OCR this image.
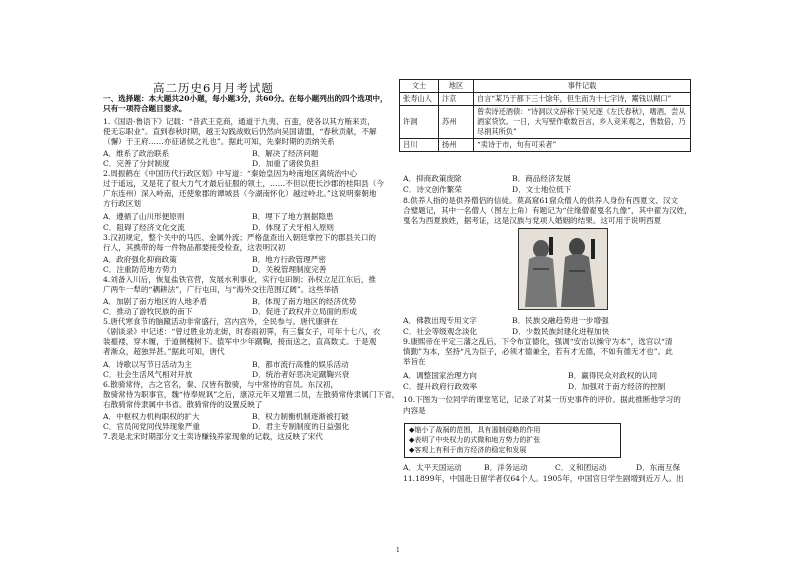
高二历史6月月考试题
一、选择题：本大题共20小题，每小题3分，共60分。在每小题列出的四个选项中，只有一项符合题目要求。
1.《国语·鲁语下》记载：“昔武王克商，通道于九夷、百蛮，使各以其方贿来贡，
使无忘职业”。直到春秋时期，越王勾践战败后仍然向吴国请盟，“春秋贡献，不解
（懈）于王府……亦征诸侯之礼也”。据此可知，先秦时期的贡纳关系
A．维系了政治联系	B．解决了经济问题
C．完善了分封制度	D．加重了诸侯负担
2.周振鹤在《中国历代行政区划》中写道：“秦始皇因为岭南地区离统治中心
过于遥远，又是花了很大力气才最后征服的领土，……不但以使长沙郡的桂阳县（今
广东连州）深入岭南，还使象郡的谭城县（今湖南怀化）越过岭北。”这说明秦朝地
方行政区划
A．遵循了山川形便原则	B．埋下了地方割据隐患
C．阻碍了经济文化交流	D．体现了犬牙相入原则
3.汉初规定，整个关中的马匹、金属外流；严格盘查出入朝廷掌控下的郡县关口的
行人，其携带的每一件物品都要接受检查，这表明汉初
A．政府强化抑商政策	B．地方行政管理严密
C．注重防范地方势力	D．关税管理制度完善
4.刘备入川后，恢复盐铁官营，发展水利事业，实行屯田制；孙权立足江东后，推
广两牛一犁的“耦耕法”，广行屯田，与“海外交往范围辽阔”。这些举措
A．加剧了南方地区的人地矛盾	B．体现了南方地区的经济优势
C．推动了游牧民族的南下	D．促进了政权并立局面的形成
5.唐代寒食节的脑蹴活动非常盛行，宫内宫外，全民参与。唐代康骈在
《剧谈录》中记述：“曾过胜业坊北街，时春雨初霁，有三鬟女子，可年十七八，衣
装褴褛，穿木履，于道侧槐树下。值军中少年蹴鞠，接而送之，直高数丈。于是观
者渐众，超独异甚。”据此可知，唐代
A．诗歌以写节日活动为主	B．都市流行高雅的娱乐活动
C．社会生活风气相对开放	D．统治者好恶决定蹴鞠兴衰
6.散骑常侍，古之官名，秦、汉皆有散骑，与中常侍的官员。东汉初，
散骑常侍为职事官，魏“侍奉规讽”之后，康凉元年又增置二员，左散骑常侍隶属门下省，
右散骑常侍隶属中书省。散骑常侍的设置反映了
A．中枢权力机构职权的扩大	B．权力制衡机制逐渐被打破
C．官员间党同伐异现象严重	D．君主专制制度的日益强化
7.表是北宋时期部分文士卖诗赚钱养家现象的记载，这反映了宋代
文士	地区	事件记载
张寿山人	汴京	自言“某乃于都下三十馀年，但生而为十七字诗，鬻钱以糊口”
许洞	苏州	曾卖诗还酒债：“诗洞以文辞称于吴兄逐《左氏春秋》，嗜酒，尝从酒家贷饮。一日，大写壁作歌数百言，乡人竞来观之，售数倍，乃尽捐其所负”
吕川	扬州	“卖诗于市，句有可采者”
A．抑商政策废除	B．商品经济发展
C．诗文创作繁荣	D．文士地位低下
8.供养人指的是供养僧侣的信徒。莫高窟61窟众僧人的供养人身份有西夏文、汉文
合璧题记，其中一名僧人（图左上角）有题记为“住缘僧翟戛名九像”，其中翟为汉姓，
戛名为西夏族姓，据考证，这是汉族与党项人婚姻的结果。这可用于说明西夏
A．佛教出现专用文字	B．民族交融趋势进一步增强
C．社会等级观念淡化	D．少数民族封建化进程加快
9.康熙帝在平定三藩之乱后，下令布宣德化，强调“安治以操守为本”，选官以“清
慎勤”为本，坚持“凡为臣子，必须才德兼全，若有才无德，不如有德无才也”。此
举旨在
A．调整国家治理方向	B．赢得民众对政权的认同
C．提升政府行政效率	D．加强对于南方经济的控制
10.下图为一位同学的课堂笔记，记录了对某一历史事件的评价。据此推断他学习的
内容是
◆缩小了战祸的范围，具有遏制侵略的作用
◆表明了中央权力的式微和地方势力的扩张
◆客观上有利于南方经济的稳定和发展
A．太平天国运动	B．洋务运动	C．义和团运动	D．东南互保
11.1899年，中国赴日留学者仅64个人。1905年，中国官日学生剧增到近万人。出
1
